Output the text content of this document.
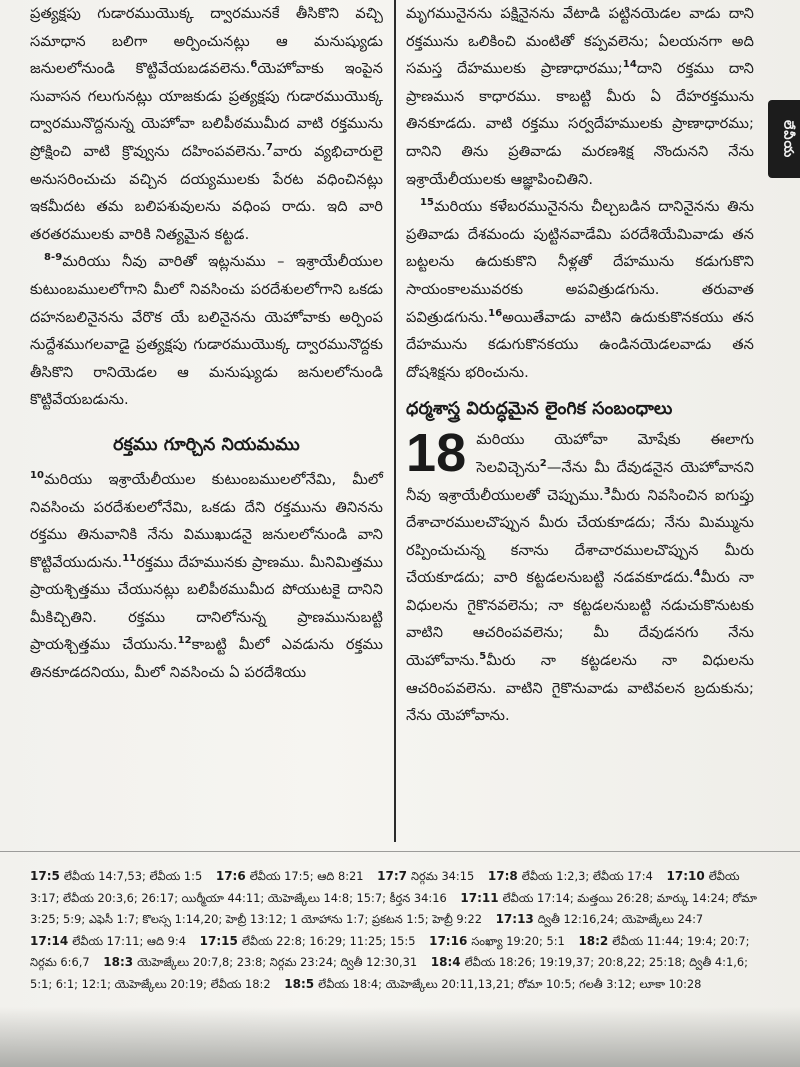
ప్రత్యక్షపు గుడారముయొక్క ద్వారమునకే తీసికొని వచ్చి సమాధాన బలిగా అర్పించునట్లు ఆ మనుష్యుడు జనులలోనుండి కొట్టివేయబడవలెను.$^6$యెహోవాకు ఇంపైన సువాసన గలుగునట్లు యాజకుడు ప్రత్యక్షపు గుడారముయొక్క ద్వారమునొద్దనున్న యెహోవా బలిపీఠముమీద వాటి రక్తమును ప్రోక్షించి వాటి క్రొవ్వును దహింపవలెను.$^7$వారు వ్యభిచారులై అనుసరించుచు వచ్చిన దయ్యములకు పేరట వధించినట్లు ఇకమీదట తమ బలిపశువులను వధింప రాదు. ఇది వారి తరతరములకు వారికి నిత్యమైన కట్టడ.

$^{8-9}$మరియు నీవు వారితో ఇట్లనుము – ఇశ్రాయేలీయుల కుటుంబములలోగాని మీలో నివసించు పరదేశులలోగాని ఒకడు దహనబలినైనను వేరొక యే బలినైనను యెహోవాకు అర్పింప నుద్దేశముగలవాడై ప్రత్యక్షపు గుడారముయొక్క ద్వారమునొద్దకు తీసికొని రానియెడల ఆ మనుష్యుడు జనులలోనుండి కొట్టివేయబడును.

రక్తము గూర్చిన నియమము

$^{10}$మరియు ఇశ్రాయేలీయుల కుటుంబములలోనేమి, మీలో నివసించు పరదేశులలోనేమి, ఒకడు దేని రక్తమును తినినను రక్తము తినువానికి నేను విముఖుడనై జనులలోనుండి వాని కొట్టివేయుదును.$^{11}$రక్తము దేహమునకు ప్రాణము. మీనిమిత్తము ప్రాయశ్చిత్తము చేయునట్లు బలిపీఠముమీద పోయుటకై దానిని మీకిచ్చితిని. రక్తము దానిలోనున్న ప్రాణమునుబట్టి ప్రాయశ్చిత్తము చేయును.$^{12}$కాబట్టి మీలో ఎవడును రక్తము తినకూడదనియు, మీలో నివసించు ఏ పరదేశియు

మృగమునైనను పక్షినైనను వేటాడి పట్టినయెడల వాడు దాని రక్తమును ఒలికించి మంటితో కప్పవలెను; ఏలయనగా అది సమస్త దేహములకు ప్రాణాధారము;$^{14}$దాని రక్తము దాని ప్రాణమున కాధారము. కాబట్టి మీరు ఏ దేహరక్తమును తినకూడదు. వాటి రక్తము సర్వదేహములకు ప్రాణాధారము; దానిని తిను ప్రతివాడు మరణశిక్ష నొందునని నేను ఇశ్రాయేలీయులకు ఆజ్ఞాపించితిని.

$^{15}$మరియు కళేబరమునైనను చీల్చబడిన దానినైనను తిను ప్రతివాడు దేశమందు పుట్టినవాడేమి పరదేశియేమివాడు తన బట్టలను ఉదుకుకొని నీళ్లతో దేహమును కడుగుకొని సాయంకాలమువరకు అపవిత్రుడగును. తరువాత పవిత్రుడగును.$^{16}$అయితేవాడు వాటిని ఉదుకుకొనకయు తన దేహమును కడుగుకొనకయు ఉండినయెడలవాడు తన దోషశిక్షను భరించును.

ధర్మశాస్త్ర విరుద్ధమైన లైంగిక సంబంధాలు
18 మరియు యెహోవా మోషేకు ఈలాగు సెలవిచ్చెను$^2$—నేను మీ దేవుడనైన యెహోవానని నీవు ఇశ్రాయేలీయులతో చెప్పుము.$^3$మీరు నివసించిన ఐగుప్తు దేశాచారములచొప్పున మీరు చేయకూడదు; నేను మిమ్మును రప్పించుచున్న కనాను దేశాచారములచొప్పున మీరు చేయకూడదు; వారి కట్టడలనుబట్టి నడవకూడదు.$^4$మీరు నా విధులను గైకొనవలెను; నా కట్టడలనుబట్టి నడుచుకొనుటకు వాటిని ఆచరింపవలెను; మీ దేవుడనగు నేను యెహోవాను.$^5$మీరు నా కట్టడలను నా విధులను ఆచరింపవలెను. వాటిని గైకొనువాడు వాటివలన బ్రదుకును; నేను యెహోవాను.

లేవీయ
17:5 లేవీయ 14:7,53; లేవీయ 1:5 17:6 లేవీయ 17:5; ఆది 8:21 17:7 నిర్గమ 34:15 17:8 లేవీయ 1:2,3; లేవీయ 17:4 17:10 లేవీయ 3:17; లేవీయ 20:3,6; 26:17; యిర్మీయా 44:11; యెహెజ్కేలు 14:8; 15:7; కీర్తన 34:16 17:11 లేవీయ 17:14; మత్తయి 26:28; మార్కు 14:24; రోమా 3:25; 5:9; ఎఫెసీ 1:7; కొలస్స 1:14,20; హెబ్రీ 13:12; 1 యోహాను 1:7; ప్రకటన 1:5; హెబ్రీ 9:22 17:13 ద్వితీ 12:16,24; యెహెజ్కేలు 24:7 17:14 లేవీయ 17:11; ఆది 9:4 17:15 లేవీయ 22:8; 16:29; 11:25; 15:5 17:16 సంఖ్యా 19:20; 5:1 18:2 లేవీయ 11:44; 19:4; 20:7; నిర్గమ 6:6,7 18:3 యెహెజ్కేలు 20:7,8; 23:8; నిర్గమ 23:24; ద్వితీ 12:30,31 18:4 లేవీయ 18:26; 19:19,37; 20:8,22; 25:18; ద్వితీ 4:1,6; 5:1; 6:1; 12:1; యెహెజ్కేలు 20:19; లేవీయ 18:2 18:5 లేవీయ 18:4; యెహెజ్కేలు 20:11,13,21; రోమా 10:5; గలతీ 3:12; లూకా 10:28
